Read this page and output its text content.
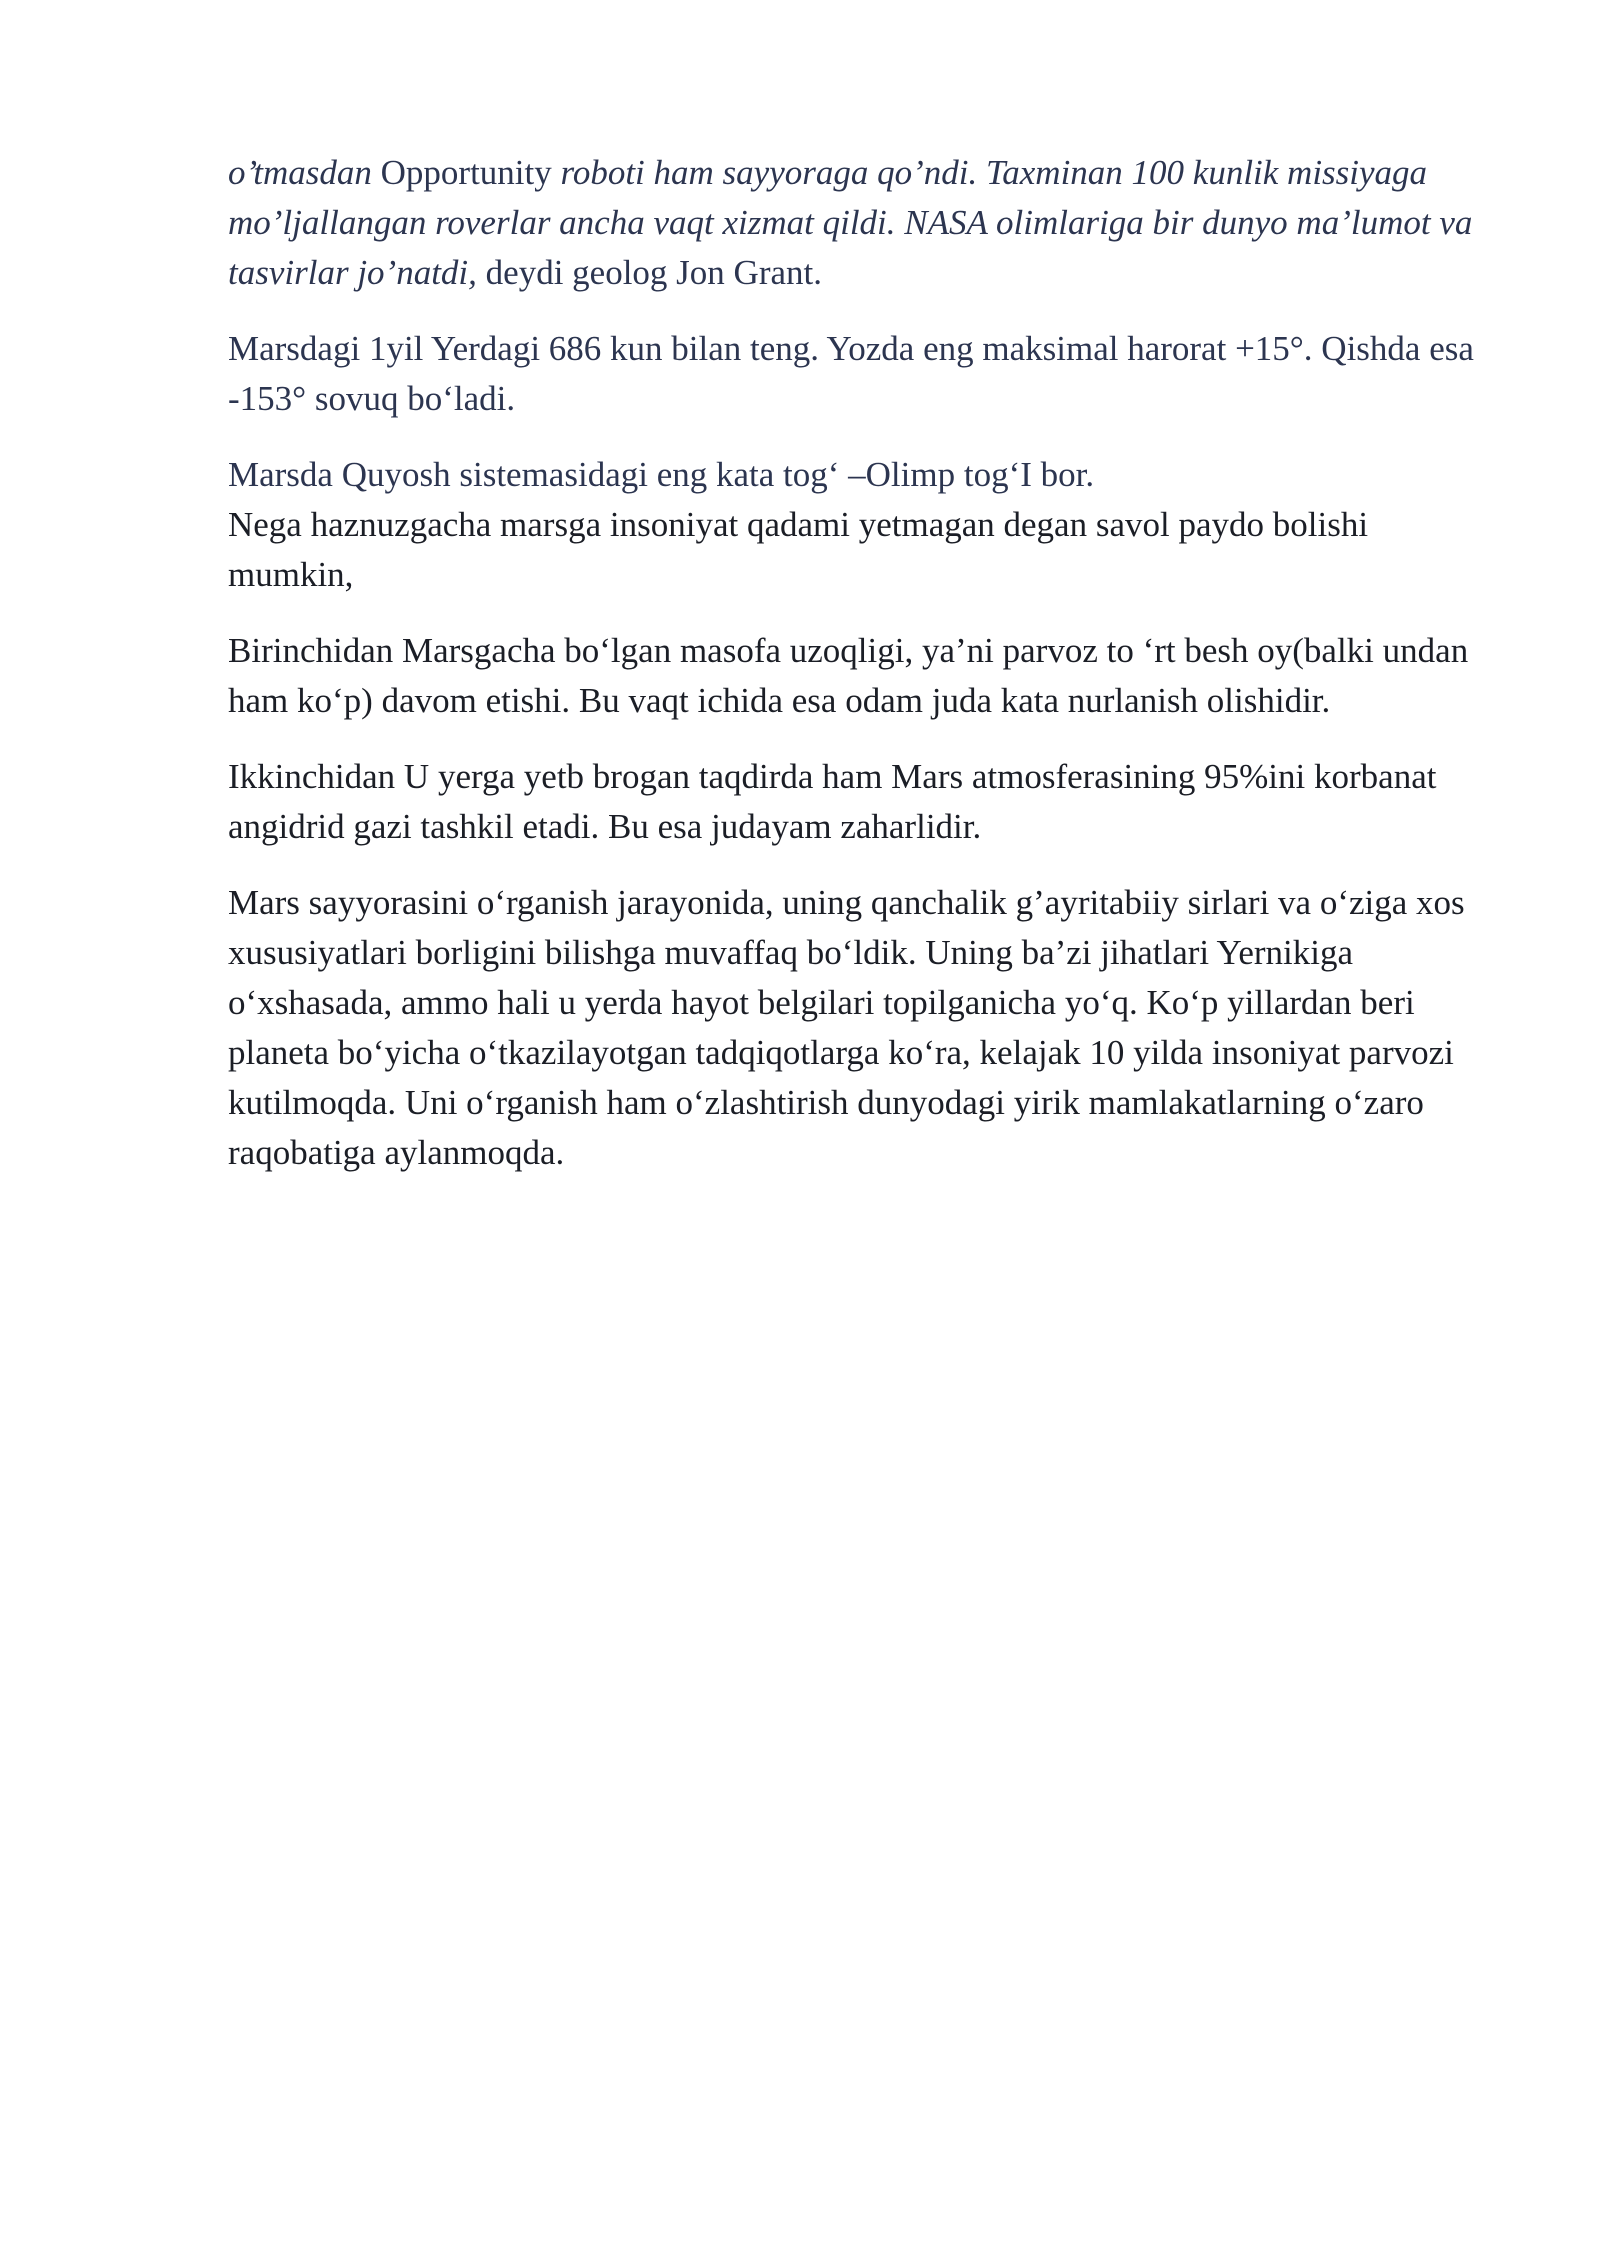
o’tmasdan Opportunity roboti ham sayyoraga qo’ndi. Taxminan 100 kunlik missiyaga mo’ljallangan roverlar ancha vaqt xizmat qildi. NASA olimlariga bir dunyo ma’lumot va tasvirlar jo’natdi, deydi geolog Jon Grant.

Marsdagi 1yil Yerdagi 686 kun bilan teng. Yozda eng maksimal harorat +15°. Qishda esa -153° sovuq bo‘ladi.

Marsda Quyosh sistemasidagi eng kata tog‘ –Olimp tog‘I bor.

Nega haznuzgacha marsga insoniyat qadami yetmagan degan savol paydo bolishi mumkin,

Birinchidan Marsgacha bo‘lgan masofa uzoqligi, ya’ni parvoz to ‘rt besh oy(balki undan ham ko‘p) davom etishi. Bu vaqt ichida esa odam juda kata nurlanish olishidir.

Ikkinchidan U yerga yetb brogan taqdirda ham Mars atmosferasining 95%ini korbanat angidrid gazi tashkil etadi. Bu esa judayam zaharlidir.

Mars sayyorasini o‘rganish jarayonida, uning qanchalik g’ayritabiiy sirlari va o‘ziga xos xususiyatlari borligini bilishga muvaffaq bo‘ldik. Uning ba’zi jihatlari Yernikiga o‘xshasada, ammo hali u yerda hayot belgilari topilganicha yo‘q. Ko‘p yillardan beri planeta bo‘yicha o‘tkazilayotgan tadqiqotlarga ko‘ra, kelajak 10 yilda insoniyat parvozi kutilmoqda. Uni o‘rganish ham o‘zlashtirish dunyodagi yirik mamlakatlarning o‘zaro raqobatiga aylanmoqda.
